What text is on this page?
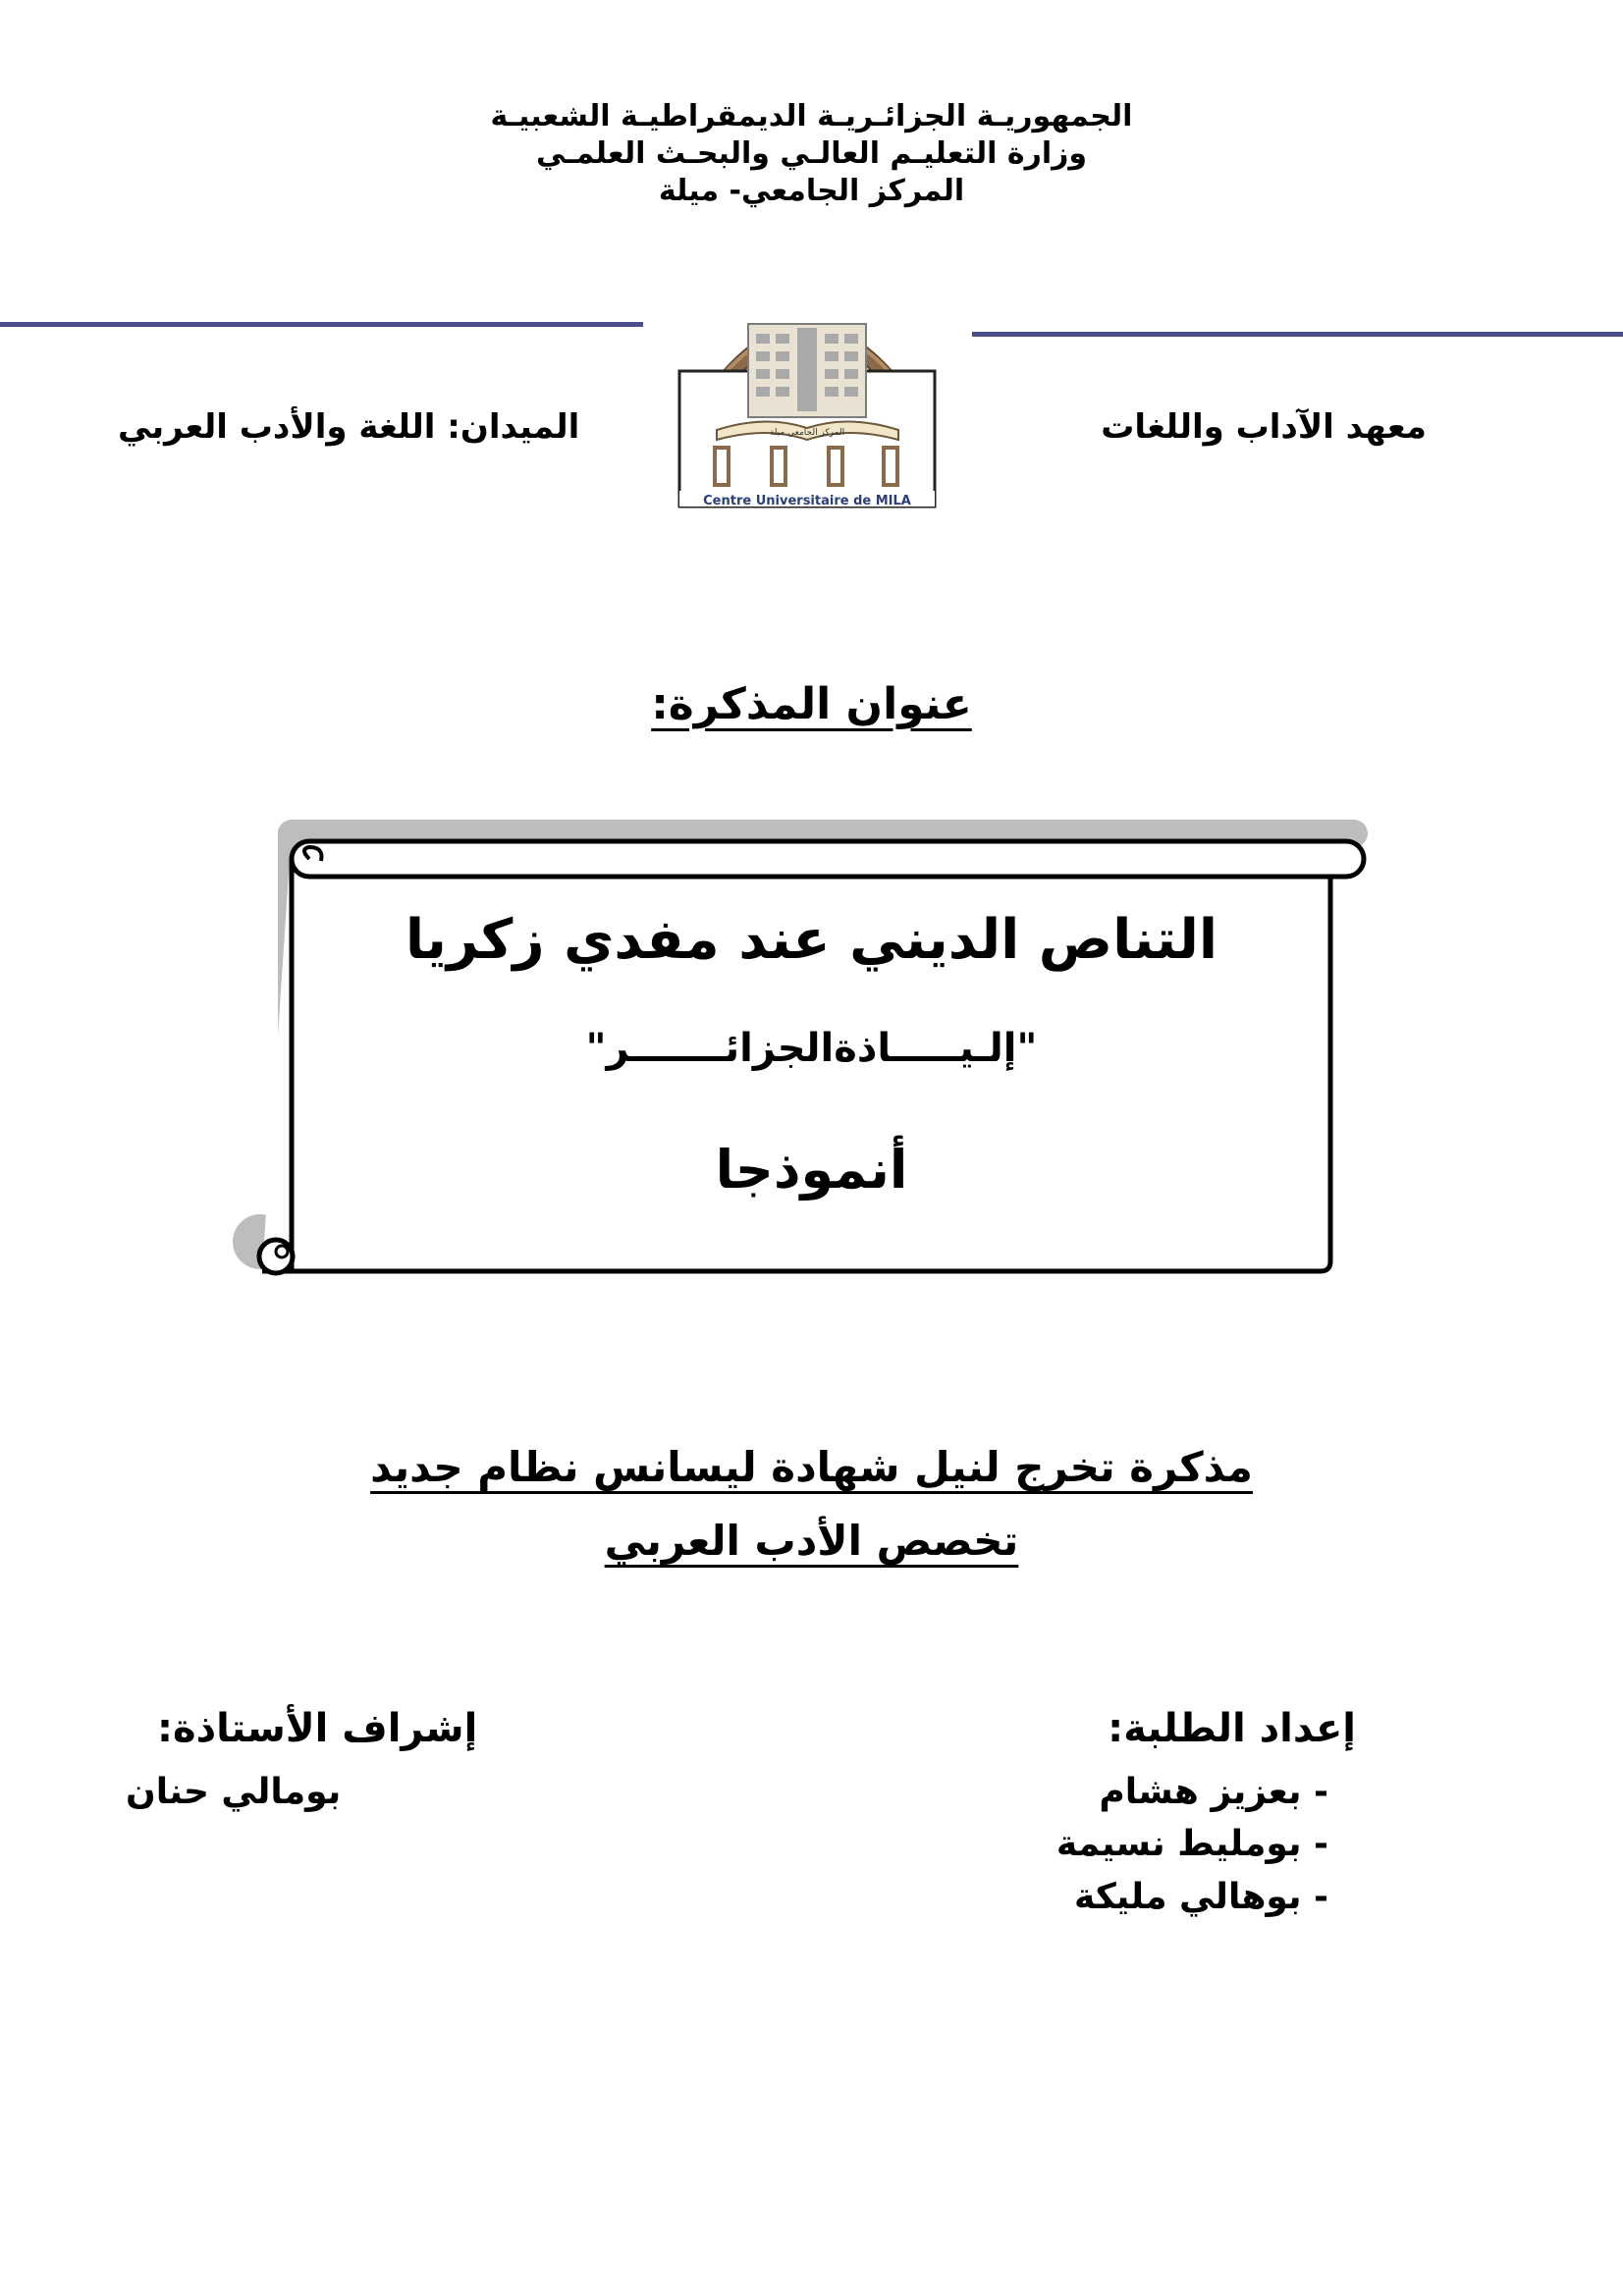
الجمهوريـة الجزائـريـة الديمقراطيـة الشعبيـة
وزارة التعليـم العالـي والبحـث العلمـي
المركز الجامعي- ميلة
المركز الجامعي ميلة
Centre Universitaire de MILA
معهد الآداب واللغات
الميدان: اللغة والأدب العربي
عنوان المذكرة:
التناص الديني عند مفدي زكريا
"إلـيـــــاذةالجزائـــــــر"
أنموذجا
مذكرة تخرج لنيل شهادة ليسانس نظام جديد
تخصص الأدب العربي
إعداد الطلبة:
- بعزيز هشام
- بومليط نسيمة
- بوهالي مليكة
إشراف الأستاذة:
بومالي حنان
